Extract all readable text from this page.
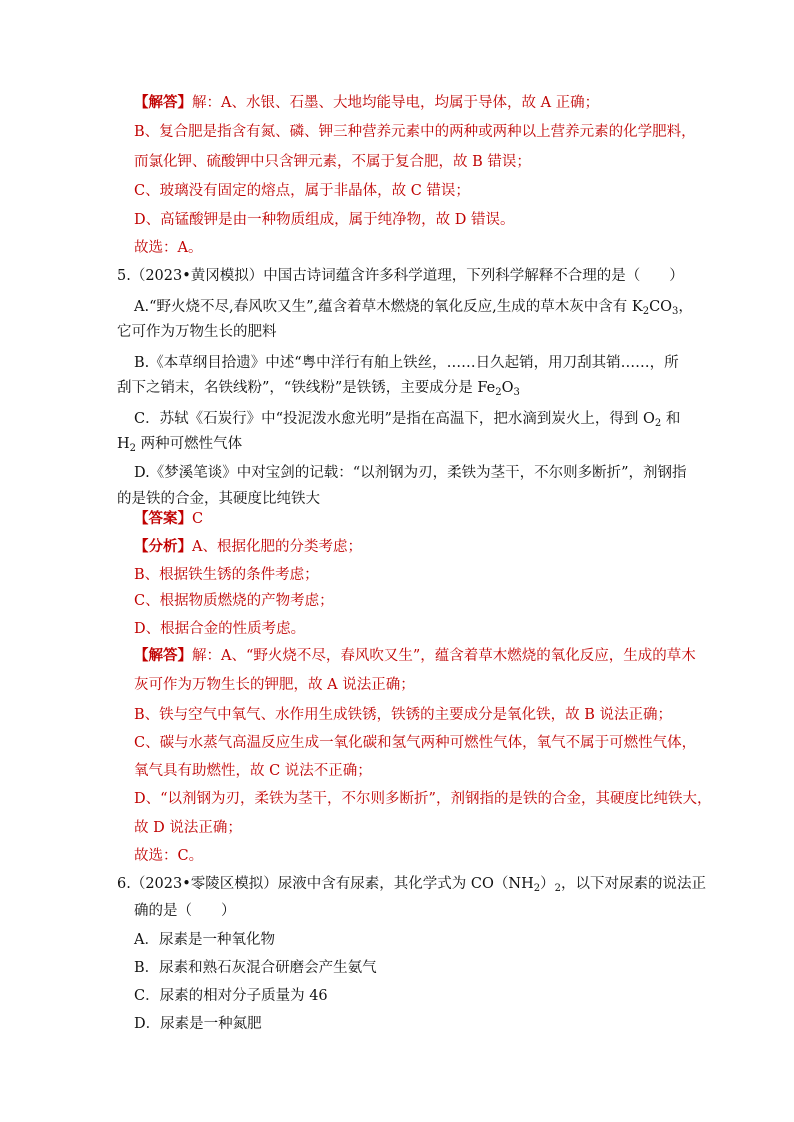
【解答】解：A、水银、石墨、大地均能导电，均属于导体，故 A 正确；
B、复合肥是指含有氮、磷、钾三种营养元素中的两种或两种以上营养元素的化学肥料，
而氯化钾、硫酸钾中只含钾元素，不属于复合肥，故 B 错误；
C、玻璃没有固定的熔点，属于非晶体，故 C 错误；
D、高锰酸钾是由一种物质组成，属于纯净物，故 D 错误。
故选：A。
5.（2023•黄冈模拟）中国古诗词蕴含许多科学道理，下列科学解释不合理的是（　　）
A.“野火烧不尽,春风吹又生”,蕴含着草木燃烧的氧化反应,生成的草木灰中含有 $K_2CO_3$，
它可作为万物生长的肥料
B.《本草纲目拾遗》中述“粤中洋行有舶上铁丝，……日久起销，用刀刮其销……，所
刮下之销末，名铁线粉”，“铁线粉”是铁锈，主要成分是 $Fe_2O_3$
C．苏轼《石炭行》中“投泥泼水愈光明”是指在高温下，把水滴到炭火上，得到 $O_2$ 和
$H_2$ 两种可燃性气体
D.《梦溪笔谈》中对宝剑的记载：“以剂钢为刃，柔铁为茎干，不尔则多断折”，剂钢指
的是铁的合金，其硬度比纯铁大
【答案】C
【分析】A、根据化肥的分类考虑；
B、根据铁生锈的条件考虑；
C、根据物质燃烧的产物考虑；
D、根据合金的性质考虑。
【解答】解：A、“野火烧不尽，春风吹又生”，蕴含着草木燃烧的氧化反应，生成的草木
灰可作为万物生长的钾肥，故 A 说法正确；
B、铁与空气中氧气、水作用生成铁锈，铁锈的主要成分是氧化铁，故 B 说法正确；
C、碳与水蒸气高温反应生成一氧化碳和氢气两种可燃性气体，氧气不属于可燃性气体，
氧气具有助燃性，故 C 说法不正确；
D、“以剂钢为刃，柔铁为茎干，不尔则多断折”，剂钢指的是铁的合金，其硬度比纯铁大，
故 D 说法正确；
故选：C。
6.（2023•零陵区模拟）尿液中含有尿素，其化学式为 $CO(NH_2)_2$，以下对尿素的说法正
确的是（　　）
A．尿素是一种氧化物
B．尿素和熟石灰混合研磨会产生氨气
C．尿素的相对分子质量为 46
D．尿素是一种氮肥
